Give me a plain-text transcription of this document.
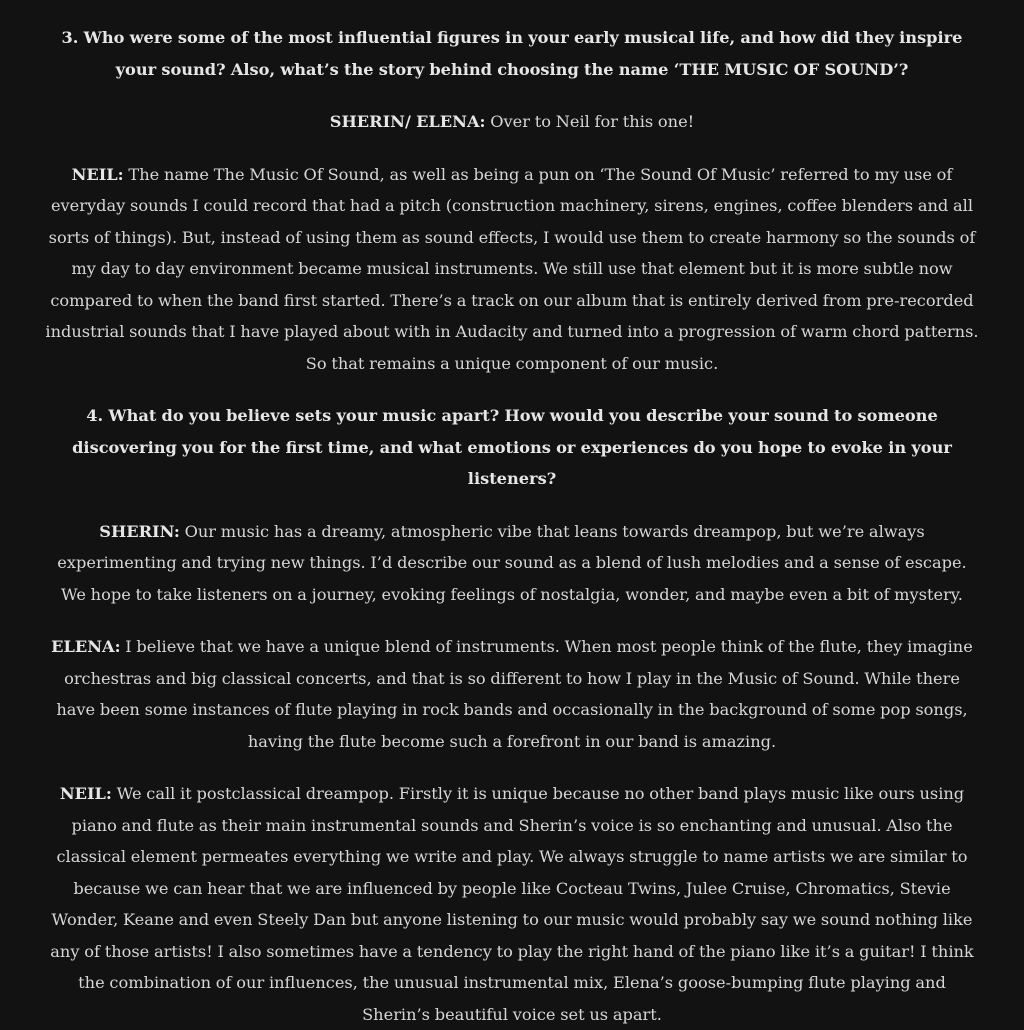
3. Who were some of the most influential figures in your early musical life, and how did they inspire your sound? Also, what’s the story behind choosing the name ‘THE MUSIC OF SOUND’?

SHERIN/ ELENA: Over to Neil for this one!

NEIL: The name The Music Of Sound, as well as being a pun on ‘The Sound Of Music’ referred to my use of everyday sounds I could record that had a pitch (construction machinery, sirens, engines, coffee blenders and all sorts of things). But, instead of using them as sound effects, I would use them to create harmony so the sounds of my day to day environment became musical instruments. We still use that element but it is more subtle now compared to when the band first started. There’s a track on our album that is entirely derived from pre-recorded industrial sounds that I have played about with in Audacity and turned into a progression of warm chord patterns. So that remains a unique component of our music.

4. What do you believe sets your music apart? How would you describe your sound to someone discovering you for the first time, and what emotions or experiences do you hope to evoke in your listeners?

SHERIN: Our music has a dreamy, atmospheric vibe that leans towards dreampop, but we’re always experimenting and trying new things. I’d describe our sound as a blend of lush melodies and a sense of escape. We hope to take listeners on a journey, evoking feelings of nostalgia, wonder, and maybe even a bit of mystery.

ELENA: I believe that we have a unique blend of instruments. When most people think of the flute, they imagine orchestras and big classical concerts, and that is so different to how I play in the Music of Sound. While there have been some instances of flute playing in rock bands and occasionally in the background of some pop songs, having the flute become such a forefront in our band is amazing.

NEIL: We call it postclassical dreampop. Firstly it is unique because no other band plays music like ours using piano and flute as their main instrumental sounds and Sherin’s voice is so enchanting and unusual. Also the classical element permeates everything we write and play. We always struggle to name artists we are similar to because we can hear that we are influenced by people like Cocteau Twins, Julee Cruise, Chromatics, Stevie Wonder, Keane and even Steely Dan but anyone listening to our music would probably say we sound nothing like any of those artists! I also sometimes have a tendency to play the right hand of the piano like it’s a guitar! I think the combination of our influences, the unusual instrumental mix, Elena’s goose-bumping flute playing and Sherin’s beautiful voice set us apart.
